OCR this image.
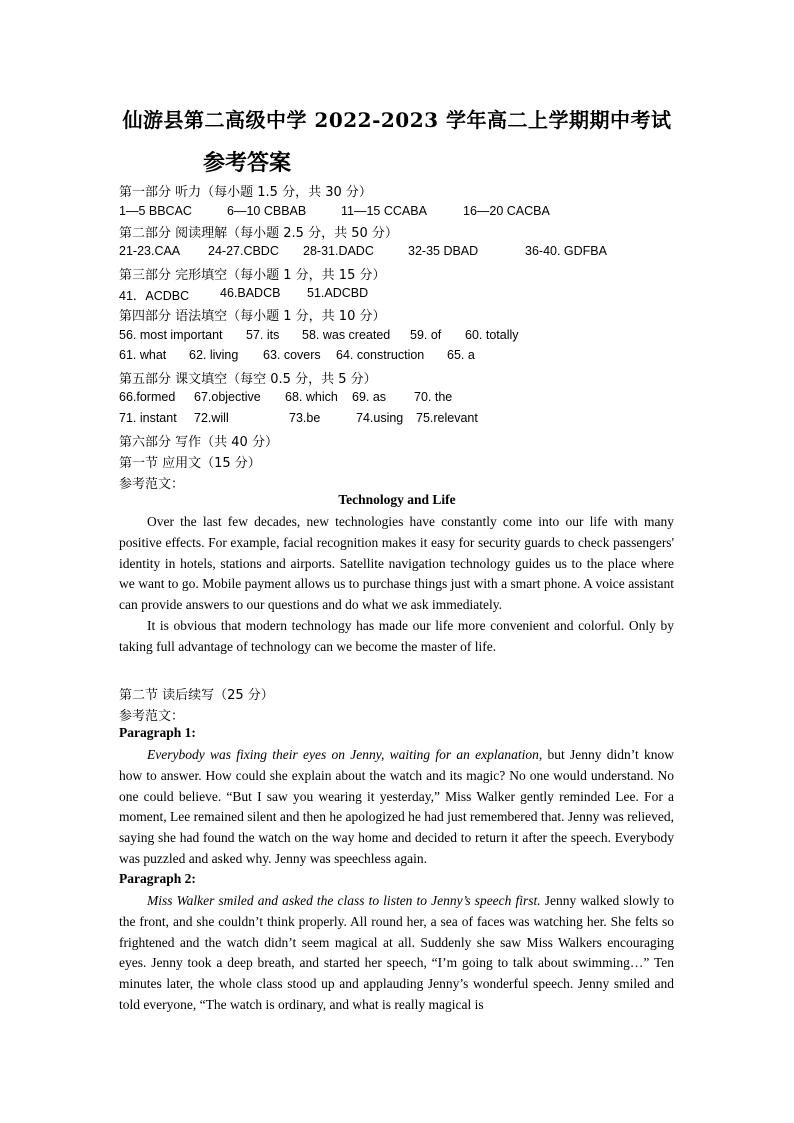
仙游县第二高级中学 2022-2023 学年高二上学期期中考试
参考答案
第一部分 听力（每小题 1.5 分，共 30 分）
1—5 BBCAC	6—10 CBBAB	11—15 CCABA	16—20 CACBA
第二部分 阅读理解（每小题 2.5 分，共 50 分）
21-23.CAA 24-27.CBDC 28-31.DADC	32-35 DBAD	36-40. GDFBA
第三部分 完形填空（每小题 1 分，共 15 分）
41．ACDBC 46.BADCB 51.ADCBD
第四部分 语法填空（每小题 1 分，共 10 分）
56. most important 57. its 58. was created 59. of 60. totally
61. what 62. living 63. covers 64. construction 65. a
第五部分 课文填空（每空 0.5 分，共 5 分）
66.formed 67.objective 68. which 69. as 70. the
71. instant 72.will	73.be	74.using 75.relevant
第六部分 写作（共 40 分）
第一节 应用文（15 分）
参考范文：
Technology and Life

Over the last few decades, new technologies have constantly come into our life with many positive effects. For example, facial recognition makes it easy for security guards to check passengers' identity in hotels, stations and airports. Satellite navigation technology guides us to the place where we want to go. Mobile payment allows us to purchase things just with a smart phone. A voice assistant can provide answers to our questions and do what we ask immediately.

It is obvious that modern technology has made our life more convenient and colorful. Only by taking full advantage of technology can we become the master of life.

第二节 读后续写（25 分）
参考范文：
Paragraph 1:

Everybody was fixing their eyes on Jenny, waiting for an explanation, but Jenny didn’t know how to answer. How could she explain about the watch and its magic? No one would understand. No one could believe. “But I saw you wearing it yesterday,” Miss Walker gently reminded Lee. For a moment, Lee remained silent and then he apologized he had just remembered that. Jenny was relieved, saying she had found the watch on the way home and decided to return it after the speech. Everybody was puzzled and asked why. Jenny was speechless again.

Paragraph 2:

Miss Walker smiled and asked the class to listen to Jenny’s speech first. Jenny walked slowly to the front, and she couldn’t think properly. All round her, a sea of faces was watching her. She felts so frightened and the watch didn’t seem magical at all. Suddenly she saw Miss Walkers encouraging eyes. Jenny took a deep breath, and started her speech, “I’m going to talk about swimming…” Ten minutes later, the whole class stood up and applauding Jenny’s wonderful speech. Jenny smiled and told everyone, “The watch is ordinary, and what is really magical is
